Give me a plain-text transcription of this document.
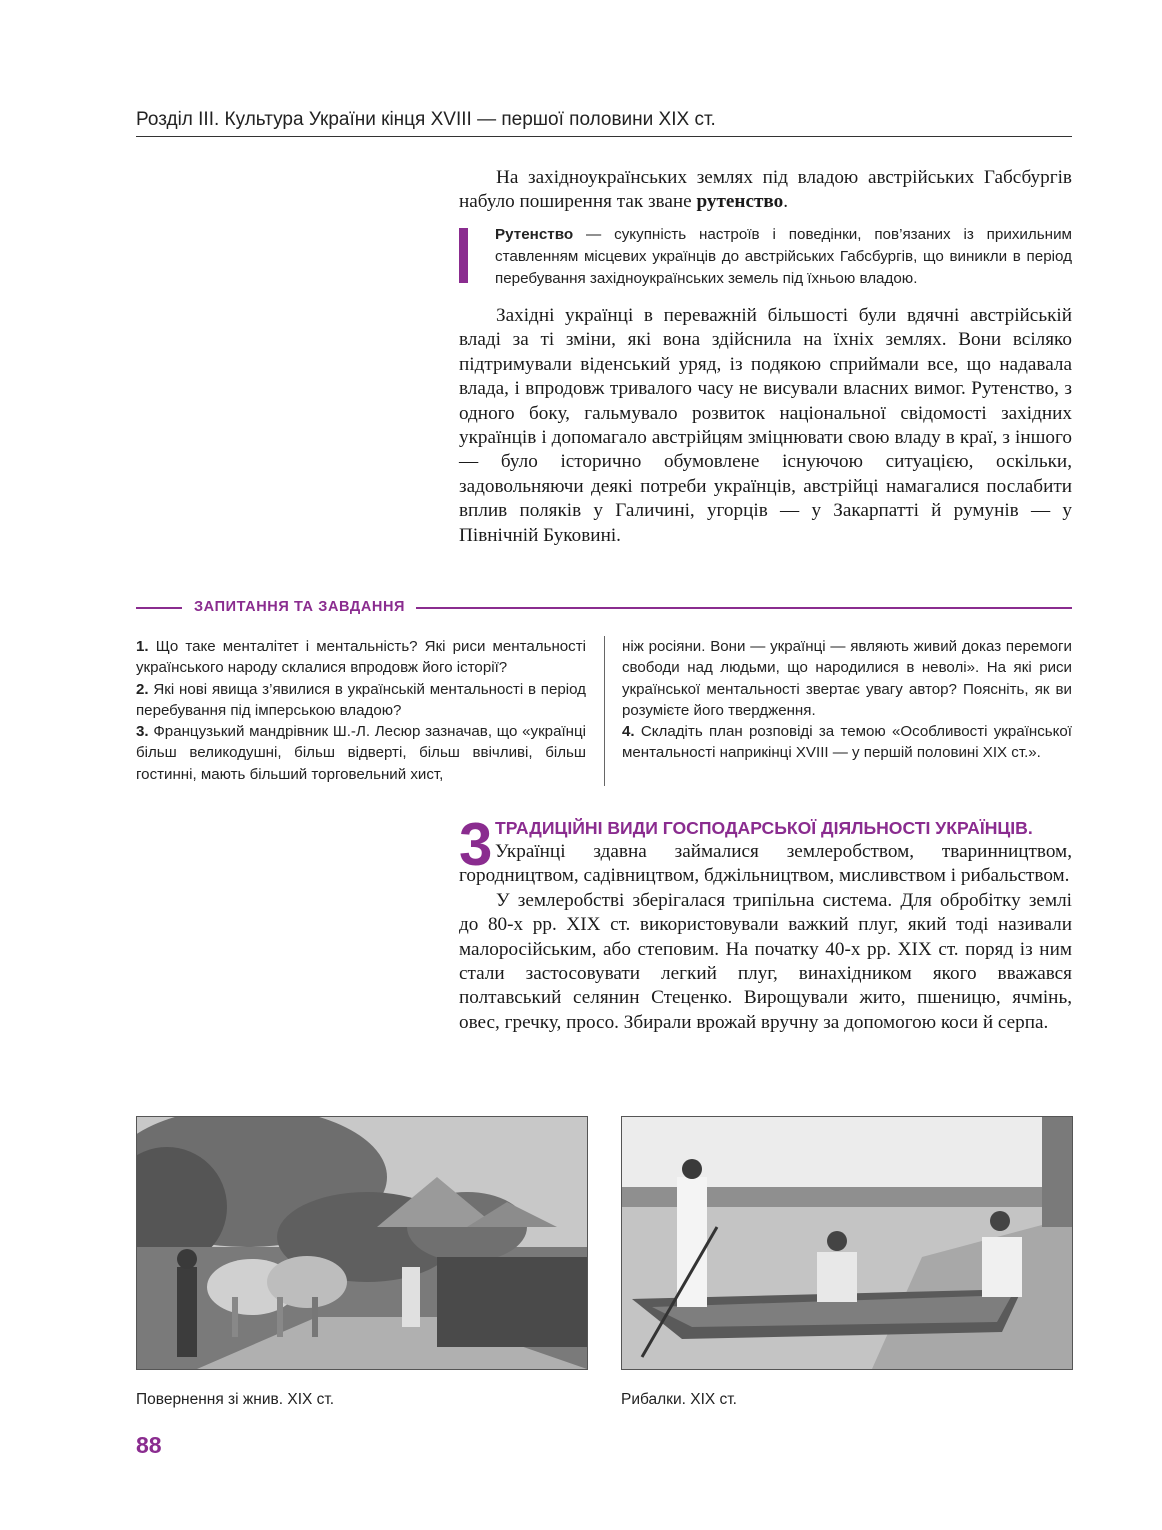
Розділ III. Культура України кінця XVIII — першої половини XIX ст.

На західноукраїнських землях під владою австрійських Габсбургів набуло поширення так зване рутенство.

Рутенство — сукупність настроїв і поведінки, пов’язаних із прихильним ставленням місцевих українців до австрійських Габсбургів, що виникли в період перебування західноукраїнських земель під їхньою владою.

Західні українці в переважній більшості були вдячні австрійській владі за ті зміни, які вона здійснила на їхніх землях. Вони всіляко підтримували віденський уряд, із подякою сприймали все, що надавала влада, і впродовж тривалого часу не висували власних вимог. Рутенство, з одного боку, гальмувало розвиток національної свідомості західних українців і допомагало австрійцям зміцнювати свою владу в краї, з іншого — було історично обумовлене існуючою ситуацією, оскільки, задовольняючи деякі потреби українців, австрійці намагалися послабити вплив поляків у Галичині, угорців — у Закарпатті й румунів — у Північній Буковині.

ЗАПИТАННЯ ТА ЗАВДАННЯ

1. Що таке менталітет і ментальність? Які риси ментальності українського народу склалися впродовж його історії?

2. Які нові явища з’явилися в українській ментальності в період перебування під імперською владою?

3. Французький мандрівник Ш.-Л. Лесюр зазначав, що «українці більш великодушні, більш відверті, більш ввічливі, більш гостинні, мають більший торговельний хист,

ніж росіяни. Вони — українці — являють живий доказ перемоги свободи над людьми, що народилися в неволі». На які риси української ментальності звертає увагу автор? Поясніть, як ви розумієте його твердження.

4. Складіть план розповіді за темою «Особливості української ментальності наприкінці XVIII — у першій половині XIX ст.».

3 ТРАДИЦІЙНІ ВИДИ ГОСПОДАРСЬКОЇ ДІЯЛЬНОСТІ УКРАЇНЦІВ.

Українці здавна займалися землеробством, тваринництвом, городництвом, садівництвом, бджільництвом, мисливством і рибальством.

У землеробстві зберігалася трипільна система. Для обробітку землі до 80-х рр. XIX ст. використовували важкий плуг, який тоді називали малоросійським, або степовим. На початку 40-х рр. XIX ст. поряд із ним стали застосовувати легкий плуг, винахідником якого вважався полтавський селянин Стеценко. Вирощували жито, пшеницю, ячмінь, овес, гречку, просо. Збирали врожай вручну за допомогою коси й серпа.

Повернення зі жнив. XIX ст.	Рибалки. XIX ст.
88
